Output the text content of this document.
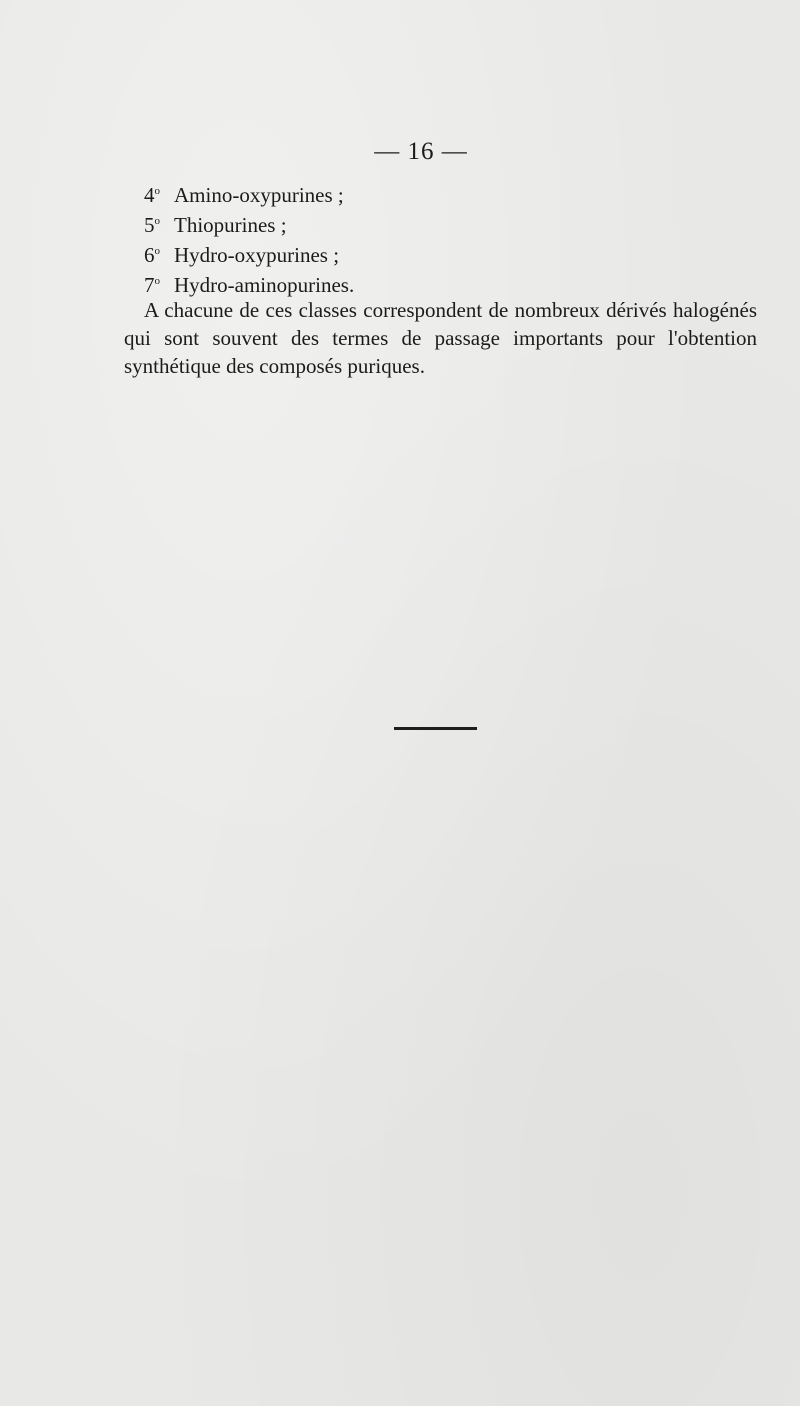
— 16 —
4$^o$ Amino-oxypurines ;
5$^o$ Thiopurines ;
6$^o$ Hydro-oxypurines ;
7$^o$ Hydro-aminopurines.

A chacune de ces classes correspondent de nombreux dérivés halogénés qui sont souvent des termes de passage importants pour l'obtention synthétique des composés puriques.
